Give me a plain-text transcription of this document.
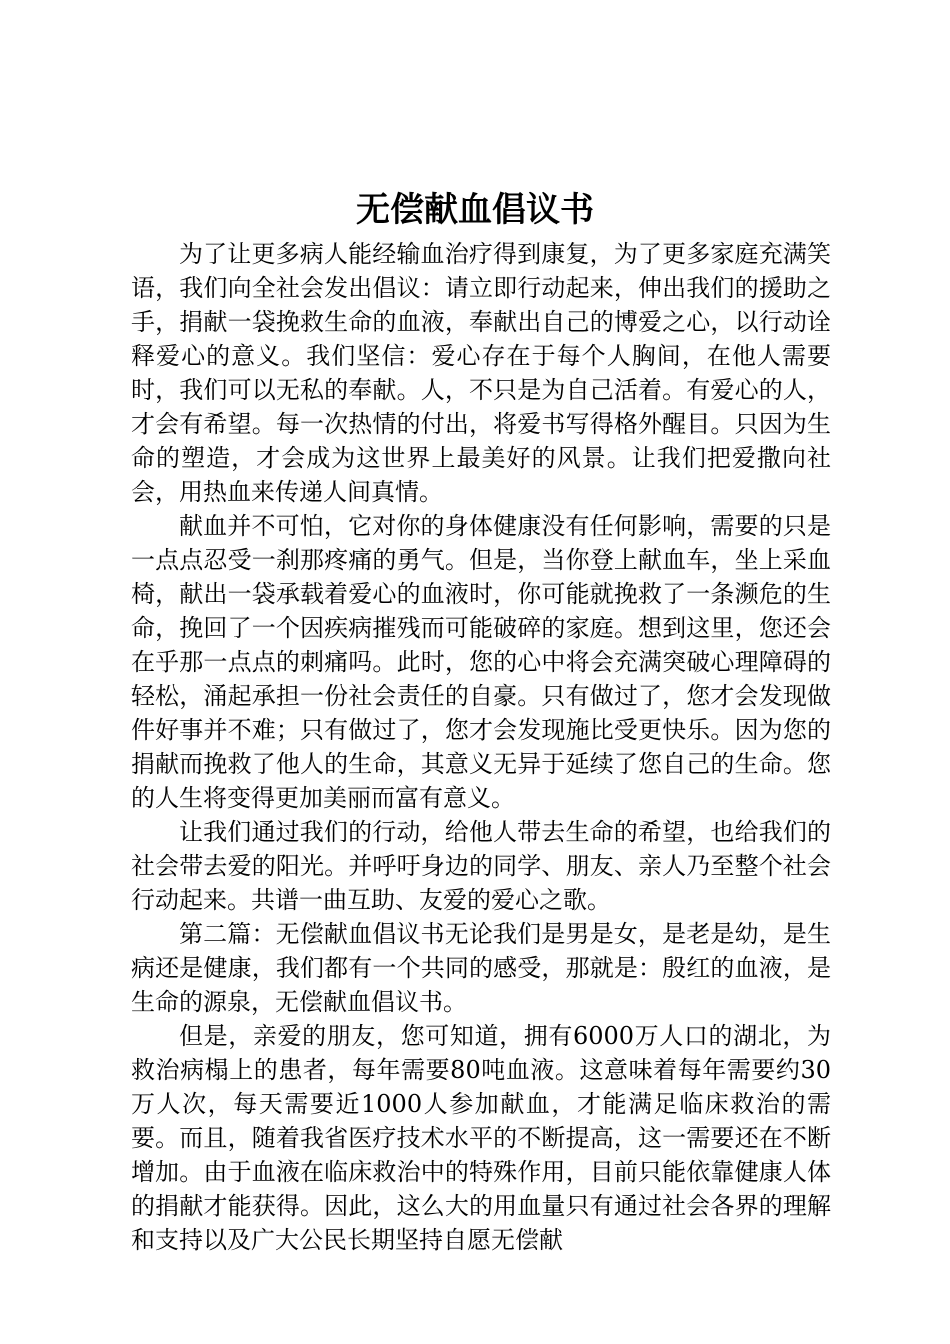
无偿献血倡议书

为了让更多病人能经输血治疗得到康复，为了更多家庭充满笑语，我们向全社会发出倡议：请立即行动起来，伸出我们的援助之手，捐献一袋挽救生命的血液，奉献出自己的博爱之心，以行动诠释爱心的意义。我们坚信：爱心存在于每个人胸间，在他人需要时，我们可以无私的奉献。人，不只是为自己活着。有爱心的人，才会有希望。每一次热情的付出，将爱书写得格外醒目。只因为生命的塑造，才会成为这世界上最美好的风景。让我们把爱撒向社会，用热血来传递人间真情。

献血并不可怕，它对你的身体健康没有任何影响，需要的只是一点点忍受一刹那疼痛的勇气。但是，当你登上献血车，坐上采血椅，献出一袋承载着爱心的血液时，你可能就挽救了一条濒危的生命，挽回了一个因疾病摧残而可能破碎的家庭。想到这里，您还会在乎那一点点的刺痛吗。此时，您的心中将会充满突破心理障碍的轻松，涌起承担一份社会责任的自豪。只有做过了，您才会发现做件好事并不难；只有做过了，您才会发现施比受更快乐。因为您的捐献而挽救了他人的生命，其意义无异于延续了您自己的生命。您的人生将变得更加美丽而富有意义。

让我们通过我们的行动，给他人带去生命的希望，也给我们的社会带去爱的阳光。并呼吁身边的同学、朋友、亲人乃至整个社会行动起来。共谱一曲互助、友爱的爱心之歌。

第二篇：无偿献血倡议书无论我们是男是女，是老是幼，是生病还是健康，我们都有一个共同的感受，那就是：殷红的血液，是生命的源泉，无偿献血倡议书。

但是，亲爱的朋友，您可知道，拥有6000万人口的湖北，为救治病榻上的患者，每年需要80吨血液。这意味着每年需要约30万人次，每天需要近1000人参加献血，才能满足临床救治的需要。而且，随着我省医疗技术水平的不断提高，这一需要还在不断增加。由于血液在临床救治中的特殊作用，目前只能依靠健康人体的捐献才能获得。因此，这么大的用血量只有通过社会各界的理解和支持以及广大公民长期坚持自愿无偿献
